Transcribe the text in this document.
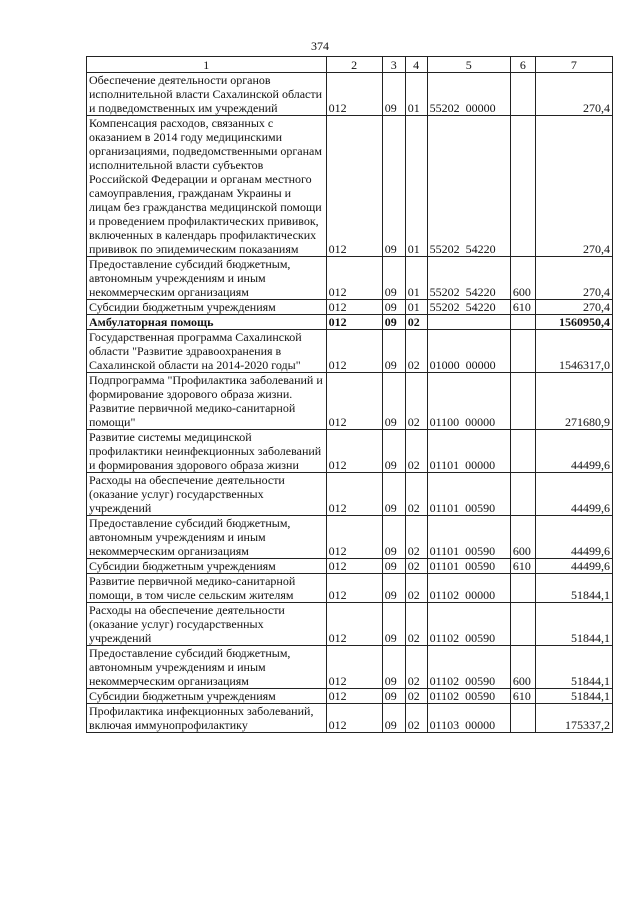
374
1	2	3	4	5	6	7
Обеспечение деятельности органов исполнительной власти Сахалинской области и подведомственных им учреждений	012	09	01	55202 00000		270,4
Компенсация расходов, связанных с оказанием в 2014 году медицинскими организациями, подведомственными органам исполнительной власти субъектов Российской Федерации и органам местного самоуправления, гражданам Украины и лицам без гражданства медицинской помощи и проведением профилактических прививок, включенных в календарь профилактических прививок по эпидемическим показаниям	012	09	01	55202 54220		270,4
Предоставление субсидий бюджетным, автономным учреждениям и иным некоммерческим организациям	012	09	01	55202 54220	600	270,4
Субсидии бюджетным учреждениям	012	09	01	55202 54220	610	270,4
Амбулаторная помощь	012	09	02			1560950,4
Государственная программа Сахалинской области "Развитие здравоохранения в Сахалинской области на 2014-2020 годы"	012	09	02	01000 00000		1546317,0
Подпрограмма "Профилактика заболеваний и формирование здорового образа жизни. Развитие первичной медико-санитарной помощи"	012	09	02	01100 00000		271680,9
Развитие системы медицинской профилактики неинфекционных заболеваний и формирования здорового образа жизни	012	09	02	01101 00000		44499,6
Расходы на обеспечение деятельности (оказание услуг) государственных учреждений	012	09	02	01101 00590		44499,6
Предоставление субсидий бюджетным, автономным учреждениям и иным некоммерческим организациям	012	09	02	01101 00590	600	44499,6
Субсидии бюджетным учреждениям	012	09	02	01101 00590	610	44499,6
Развитие первичной медико-санитарной помощи, в том числе сельским жителям	012	09	02	01102 00000		51844,1
Расходы на обеспечение деятельности (оказание услуг) государственных учреждений	012	09	02	01102 00590		51844,1
Предоставление субсидий бюджетным, автономным учреждениям и иным некоммерческим организациям	012	09	02	01102 00590	600	51844,1
Субсидии бюджетным учреждениям	012	09	02	01102 00590	610	51844,1
Профилактика инфекционных заболеваний, включая иммунопрофилактику	012	09	02	01103 00000		175337,2
